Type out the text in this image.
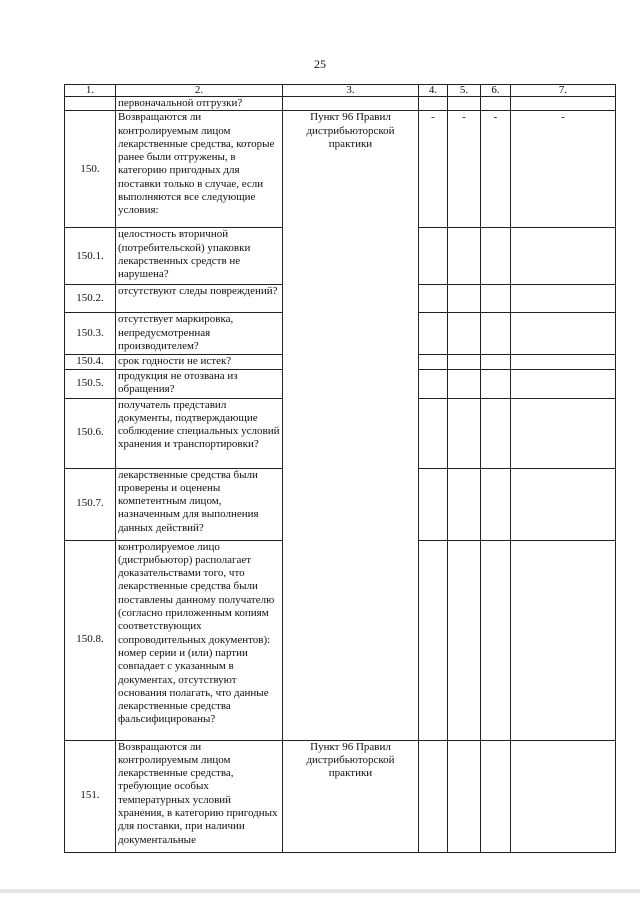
25
1.	2.	3.	4.	5.	6.	7.
	первоначальной отгрузки?					
150.	Возвращаются ли контролируемым лицом лекарственные средства, которые ранее были отгружены, в категорию пригодных для поставки только в случае, если выполняются все следующие условия:	Пункт 96 Правил дистрибьюторской практики	-	-	-	-
150.1.	целостность вторичной (потребительской) упаковки лекарственных средств не нарушена?					
150.2.	отсутствуют следы повреждений?					
150.3.	отсутствует маркировка, непредусмотренная производителем?					
150.4.	срок годности не истек?					
150.5.	продукция не отозвана из обращения?					
150.6.	получатель представил документы, подтверждающие соблюдение специальных условий хранения и транспортировки?					
150.7.	лекарственные средства были проверены и оценены компетентным лицом, назначенным для выполнения данных действий?					
150.8.	контролируемое лицо (дистрибьютор) располагает доказательствами того, что лекарственные средства были поставлены данному получателю (согласно приложенным копиям соответствующих сопроводительных документов): номер серии и (или) партии совпадает с указанным в документах, отсутствуют основания полагать, что данные лекарственные средства фальсифицированы?					
151.	Возвращаются ли контролируемым лицом лекарственные средства, требующие особых температурных условий хранения, в категорию пригодных для поставки, при наличии документальные	Пункт 96 Правил дистрибьюторской практики				
